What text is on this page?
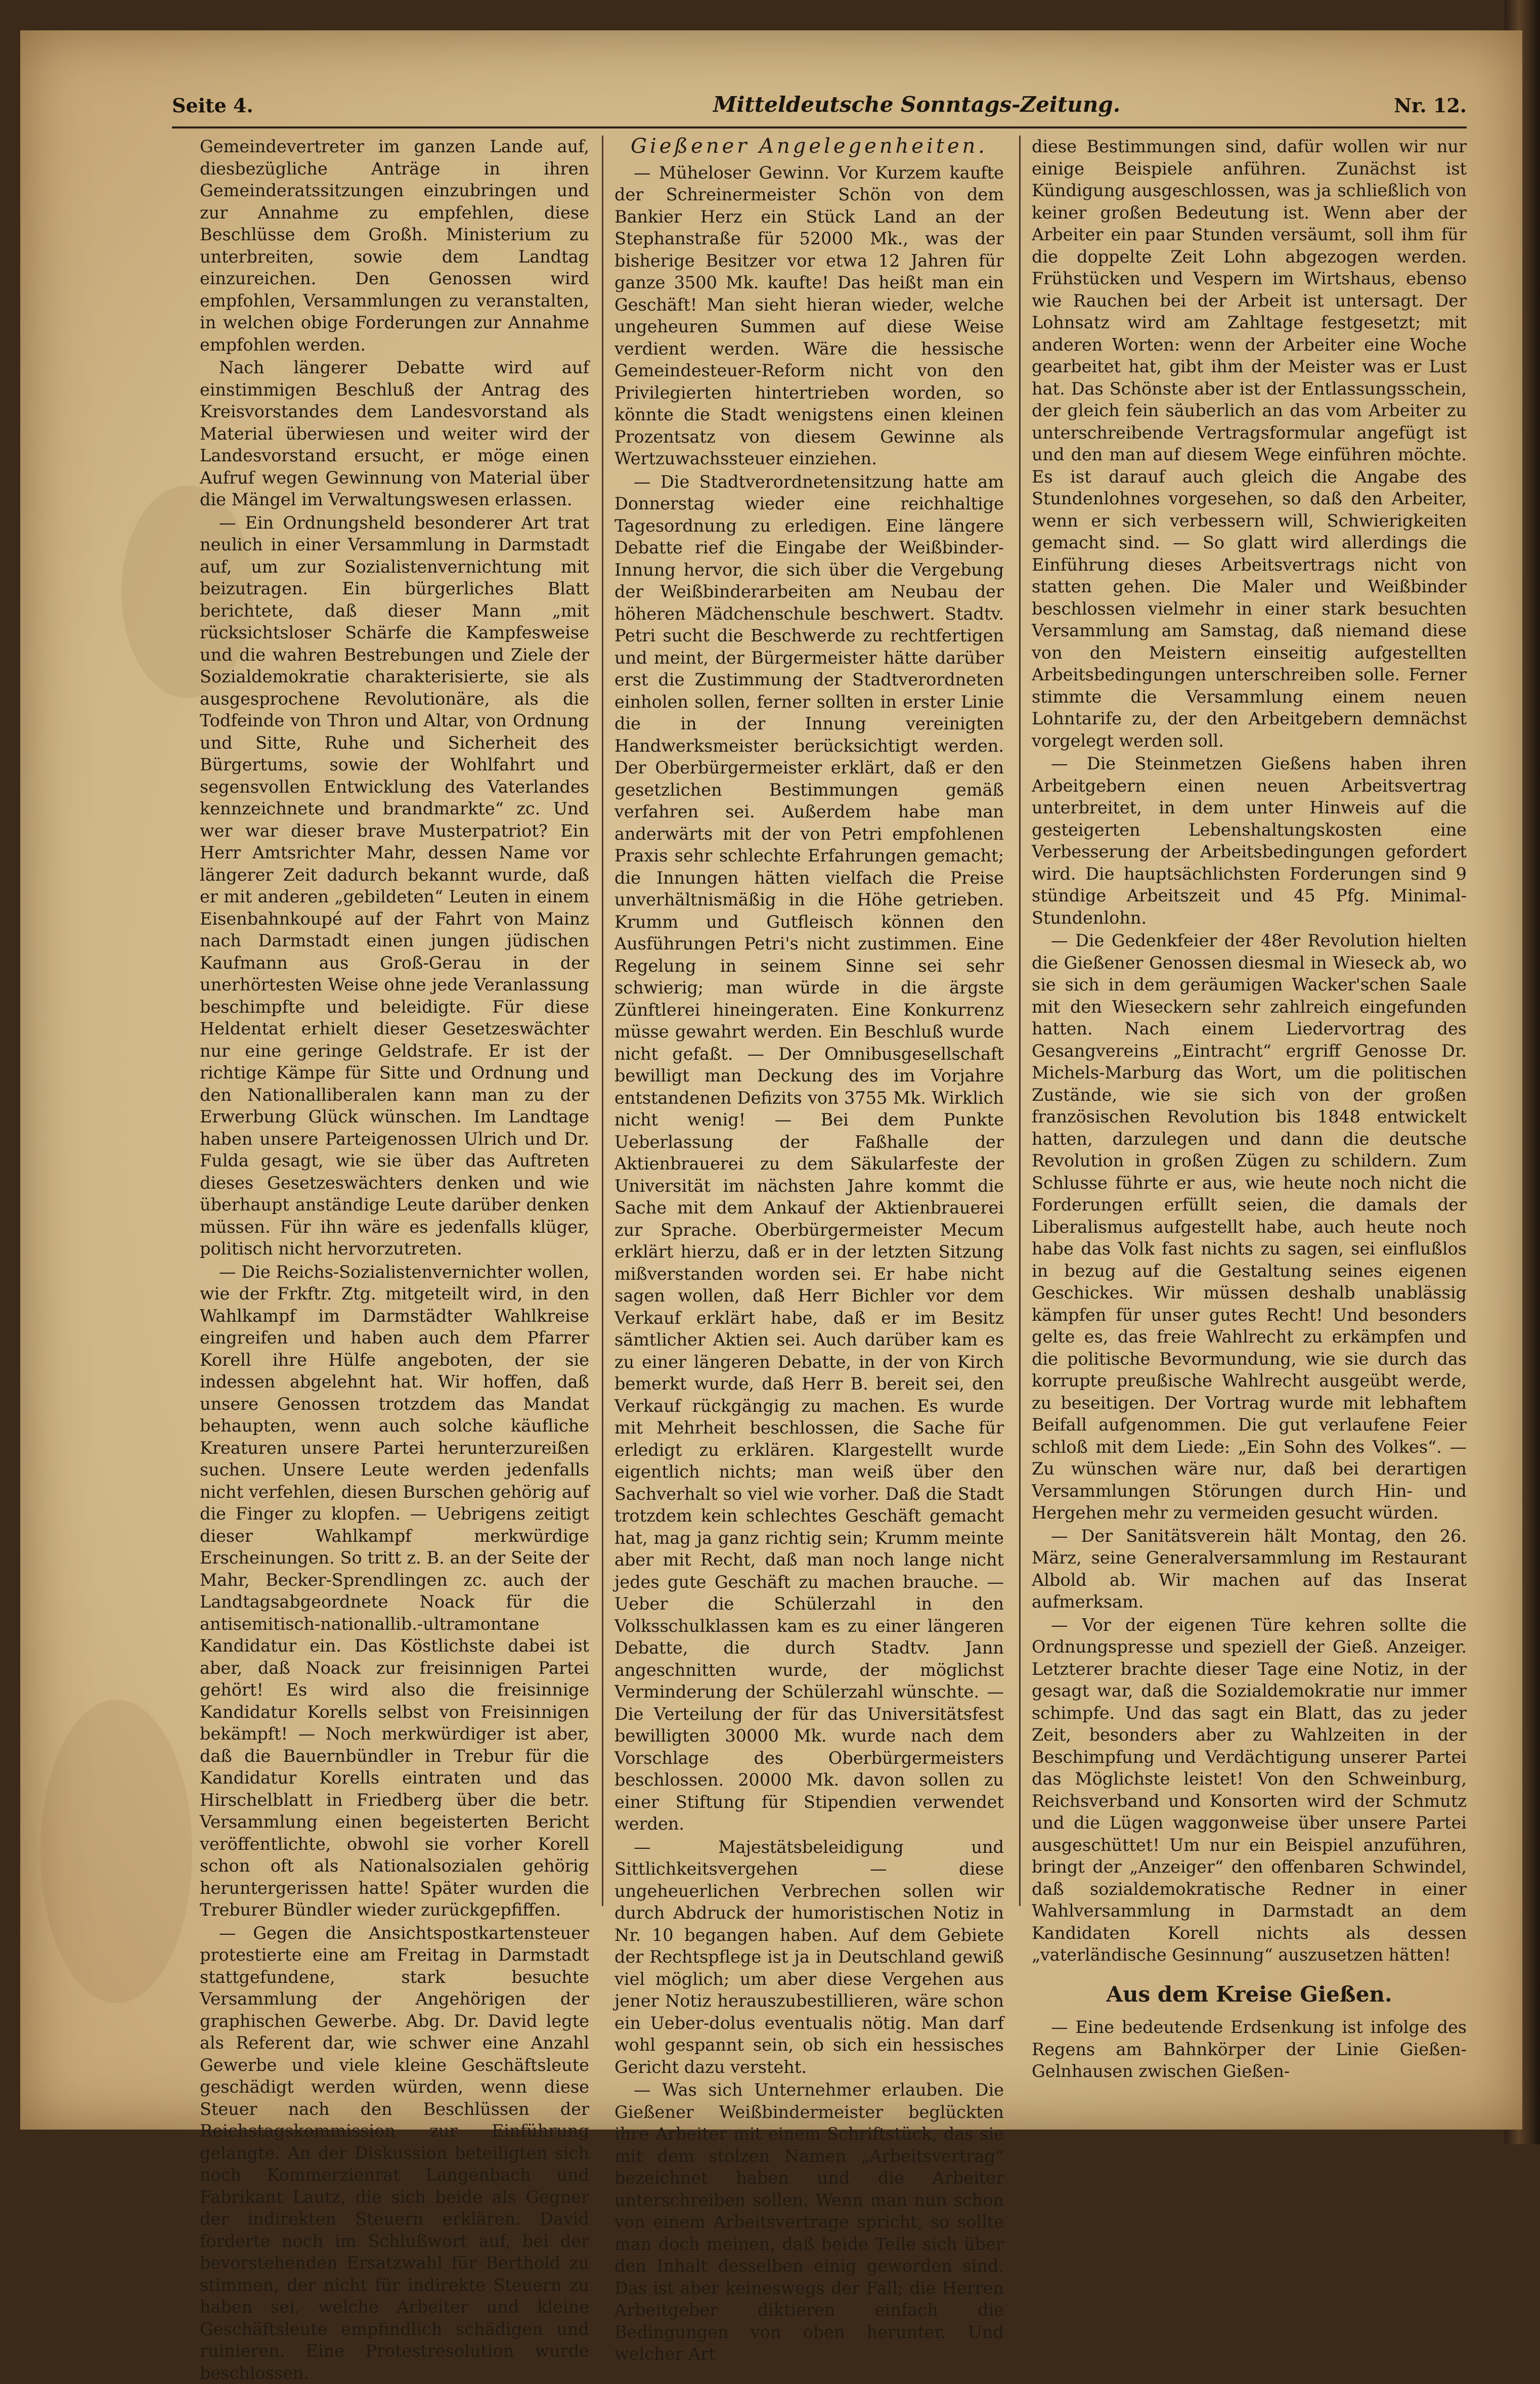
Seite 4.	Mitteldeutsche Sonntags-Zeitung.	Nr. 12.

Gemeindevertreter im ganzen Lande auf, diesbezügliche Anträge in ihren Gemeinderatssitzungen einzubringen und zur Annahme zu empfehlen, diese Beschlüsse dem Großh. Ministerium zu unterbreiten, sowie dem Landtag einzureichen. Den Genossen wird empfohlen, Versammlungen zu veranstalten, in welchen obige Forderungen zur Annahme empfohlen werden.

Nach längerer Debatte wird auf einstimmigen Beschluß der Antrag des Kreisvorstandes dem Landesvorstand als Material überwiesen und weiter wird der Landesvorstand ersucht, er möge einen Aufruf wegen Gewinnung von Material über die Mängel im Verwaltungswesen erlassen.

— Ein Ordnungsheld besonderer Art trat neulich in einer Versammlung in Darmstadt auf, um zur Sozialistenvernichtung mit beizutragen. Ein bürgerliches Blatt berichtete, daß dieser Mann „mit rücksichtsloser Schärfe die Kampfesweise und die wahren Bestrebungen und Ziele der Sozialdemokratie charakterisierte, sie als ausgesprochene Revolutionäre, als die Todfeinde von Thron und Altar, von Ordnung und Sitte, Ruhe und Sicherheit des Bürgertums, sowie der Wohlfahrt und segensvollen Entwicklung des Vaterlandes kennzeichnete und brandmarkte“ zc. Und wer war dieser brave Musterpatriot? Ein Herr Amtsrichter Mahr, dessen Name vor längerer Zeit dadurch bekannt wurde, daß er mit anderen „gebildeten“ Leuten in einem Eisenbahnkoupé auf der Fahrt von Mainz nach Darmstadt einen jungen jüdischen Kaufmann aus Groß-Gerau in der unerhörtesten Weise ohne jede Veranlassung beschimpfte und beleidigte. Für diese Heldentat erhielt dieser Gesetzeswächter nur eine geringe Geldstrafe. Er ist der richtige Kämpe für Sitte und Ordnung und den Nationalliberalen kann man zu der Erwerbung Glück wünschen. Im Landtage haben unsere Parteigenossen Ulrich und Dr. Fulda gesagt, wie sie über das Auftreten dieses Gesetzeswächters denken und wie überhaupt anständige Leute darüber denken müssen. Für ihn wäre es jedenfalls klüger, politisch nicht hervorzutreten.

— Die Reichs-Sozialistenvernichter wollen, wie der Frkftr. Ztg. mitgeteilt wird, in den Wahlkampf im Darmstädter Wahlkreise eingreifen und haben auch dem Pfarrer Korell ihre Hülfe angeboten, der sie indessen abgelehnt hat. Wir hoffen, daß unsere Genossen trotzdem das Mandat behaupten, wenn auch solche käufliche Kreaturen unsere Partei herunterzureißen suchen. Unsere Leute werden jedenfalls nicht verfehlen, diesen Burschen gehörig auf die Finger zu klopfen. — Uebrigens zeitigt dieser Wahlkampf merkwürdige Erscheinungen. So tritt z. B. an der Seite der Mahr, Becker-Sprendlingen zc. auch der Landtagsabgeordnete Noack für die antisemitisch-nationallib.-ultramontane Kandidatur ein. Das Köstlichste dabei ist aber, daß Noack zur freisinnigen Partei gehört! Es wird also die freisinnige Kandidatur Korells selbst von Freisinnigen bekämpft! — Noch merkwürdiger ist aber, daß die Bauernbündler in Trebur für die Kandidatur Korells eintraten und das Hirschelblatt in Friedberg über die betr. Versammlung einen begeisterten Bericht veröffentlichte, obwohl sie vorher Korell schon oft als Nationalsozialen gehörig heruntergerissen hatte! Später wurden die Treburer Bündler wieder zurückgepfiffen.

— Gegen die Ansichtspostkartensteuer protestierte eine am Freitag in Darmstadt stattgefundene, stark besuchte Versammlung der Angehörigen der graphischen Gewerbe. Abg. Dr. David legte als Referent dar, wie schwer eine Anzahl Gewerbe und viele kleine Geschäftsleute geschädigt werden würden, wenn diese Steuer nach den Beschlüssen der Reichstagskommission zur Einführung gelangte. An der Diskussion beteiligten sich noch Kommerzienrat Langenbach und Fabrikant Lautz, die sich beide als Gegner der indirekten Steuern erklären. David forderte noch im Schlußwort auf, bei der bevorstehenden Ersatzwahl für Berthold zu stimmen, der nicht für indirekte Steuern zu haben sei, welche Arbeiter und kleine Geschäftsleute empfindlich schädigen und ruinieren. Eine Protestresolution wurde beschlossen.

Gießener Angelegenheiten.

— Müheloser Gewinn. Vor Kurzem kaufte der Schreinermeister Schön von dem Bankier Herz ein Stück Land an der Stephanstraße für 52000 Mk., was der bisherige Besitzer vor etwa 12 Jahren für ganze 3500 Mk. kaufte! Das heißt man ein Geschäft! Man sieht hieran wieder, welche ungeheuren Summen auf diese Weise verdient werden. Wäre die hessische Gemeindesteuer-Reform nicht von den Privilegierten hintertrieben worden, so könnte die Stadt wenigstens einen kleinen Prozentsatz von diesem Gewinne als Wertzuwachssteuer einziehen.

— Die Stadtverordnetensitzung hatte am Donnerstag wieder eine reichhaltige Tagesordnung zu erledigen. Eine längere Debatte rief die Eingabe der Weißbinder-Innung hervor, die sich über die Vergebung der Weißbinderarbeiten am Neubau der höheren Mädchenschule beschwert. Stadtv. Petri sucht die Beschwerde zu rechtfertigen und meint, der Bürgermeister hätte darüber erst die Zustimmung der Stadtverordneten einholen sollen, ferner sollten in erster Linie die in der Innung vereinigten Handwerksmeister berücksichtigt werden. Der Oberbürgermeister erklärt, daß er den gesetzlichen Bestimmungen gemäß verfahren sei. Außerdem habe man anderwärts mit der von Petri empfohlenen Praxis sehr schlechte Erfahrungen gemacht; die Innungen hätten vielfach die Preise unverhältnismäßig in die Höhe getrieben. Krumm und Gutfleisch können den Ausführungen Petri's nicht zustimmen. Eine Regelung in seinem Sinne sei sehr schwierig; man würde in die ärgste Zünftlerei hineingeraten. Eine Konkurrenz müsse gewahrt werden. Ein Beschluß wurde nicht gefaßt. — Der Omnibusgesellschaft bewilligt man Deckung des im Vorjahre entstandenen Defizits von 3755 Mk. Wirklich nicht wenig! — Bei dem Punkte Ueberlassung der Faßhalle der Aktienbrauerei zu dem Säkularfeste der Universität im nächsten Jahre kommt die Sache mit dem Ankauf der Aktienbrauerei zur Sprache. Oberbürgermeister Mecum erklärt hierzu, daß er in der letzten Sitzung mißverstanden worden sei. Er habe nicht sagen wollen, daß Herr Bichler vor dem Verkauf erklärt habe, daß er im Besitz sämtlicher Aktien sei. Auch darüber kam es zu einer längeren Debatte, in der von Kirch bemerkt wurde, daß Herr B. bereit sei, den Verkauf rückgängig zu machen. Es wurde mit Mehrheit beschlossen, die Sache für erledigt zu erklären. Klargestellt wurde eigentlich nichts; man weiß über den Sachverhalt so viel wie vorher. Daß die Stadt trotzdem kein schlechtes Geschäft gemacht hat, mag ja ganz richtig sein; Krumm meinte aber mit Recht, daß man noch lange nicht jedes gute Geschäft zu machen brauche. — Ueber die Schülerzahl in den Volksschulklassen kam es zu einer längeren Debatte, die durch Stadtv. Jann angeschnitten wurde, der möglichst Verminderung der Schülerzahl wünschte. — Die Verteilung der für das Universitätsfest bewilligten 30000 Mk. wurde nach dem Vorschlage des Oberbürgermeisters beschlossen. 20000 Mk. davon sollen zu einer Stiftung für Stipendien verwendet werden.

— Majestätsbeleidigung und Sittlichkeitsvergehen — diese ungeheuerlichen Verbrechen sollen wir durch Abdruck der humoristischen Notiz in Nr. 10 begangen haben. Auf dem Gebiete der Rechtspflege ist ja in Deutschland gewiß viel möglich; um aber diese Vergehen aus jener Notiz herauszubestillieren, wäre schon ein Ueber-dolus eventualis nötig. Man darf wohl gespannt sein, ob sich ein hessisches Gericht dazu versteht.

— Was sich Unternehmer erlauben. Die Gießener Weißbindermeister beglückten ihre Arbeiter mit einem Schriftstück, das sie mit dem stolzen Namen „Arbeitsvertrag“ bezeichnet haben und die Arbeiter unterschreiben sollen. Wenn man nun schon von einem Arbeitsvertrage spricht, so sollte man doch meinen, daß beide Teile sich über den Inhalt desselben einig geworden sind. Das ist aber keineswegs der Fall; die Herren Arbeitgeber diktieren einfach die Bedingungen von oben herunter. Und welcher Art

diese Bestimmungen sind, dafür wollen wir nur einige Beispiele anführen. Zunächst ist Kündigung ausgeschlossen, was ja schließlich von keiner großen Bedeutung ist. Wenn aber der Arbeiter ein paar Stunden versäumt, soll ihm für die doppelte Zeit Lohn abgezogen werden. Frühstücken und Vespern im Wirtshaus, ebenso wie Rauchen bei der Arbeit ist untersagt. Der Lohnsatz wird am Zahltage festgesetzt; mit anderen Worten: wenn der Arbeiter eine Woche gearbeitet hat, gibt ihm der Meister was er Lust hat. Das Schönste aber ist der Entlassungsschein, der gleich fein säuberlich an das vom Arbeiter zu unterschreibende Vertragsformular angefügt ist und den man auf diesem Wege einführen möchte. Es ist darauf auch gleich die Angabe des Stundenlohnes vorgesehen, so daß den Arbeiter, wenn er sich verbessern will, Schwierigkeiten gemacht sind. — So glatt wird allerdings die Einführung dieses Arbeitsvertrags nicht von statten gehen. Die Maler und Weißbinder beschlossen vielmehr in einer stark besuchten Versammlung am Samstag, daß niemand diese von den Meistern einseitig aufgestellten Arbeitsbedingungen unterschreiben solle. Ferner stimmte die Versammlung einem neuen Lohntarife zu, der den Arbeitgebern demnächst vorgelegt werden soll.

— Die Steinmetzen Gießens haben ihren Arbeitgebern einen neuen Arbeitsvertrag unterbreitet, in dem unter Hinweis auf die gesteigerten Lebenshaltungskosten eine Verbesserung der Arbeitsbedingungen gefordert wird. Die hauptsächlichsten Forderungen sind 9 stündige Arbeitszeit und 45 Pfg. Minimal-Stundenlohn.

— Die Gedenkfeier der 48er Revolution hielten die Gießener Genossen diesmal in Wieseck ab, wo sie sich in dem geräumigen Wacker'schen Saale mit den Wieseckern sehr zahlreich eingefunden hatten. Nach einem Liedervortrag des Gesangvereins „Eintracht“ ergriff Genosse Dr. Michels-Marburg das Wort, um die politischen Zustände, wie sie sich von der großen französischen Revolution bis 1848 entwickelt hatten, darzulegen und dann die deutsche Revolution in großen Zügen zu schildern. Zum Schlusse führte er aus, wie heute noch nicht die Forderungen erfüllt seien, die damals der Liberalismus aufgestellt habe, auch heute noch habe das Volk fast nichts zu sagen, sei einflußlos in bezug auf die Gestaltung seines eigenen Geschickes. Wir müssen deshalb unablässig kämpfen für unser gutes Recht! Und besonders gelte es, das freie Wahlrecht zu erkämpfen und die politische Bevormundung, wie sie durch das korrupte preußische Wahlrecht ausgeübt werde, zu beseitigen. Der Vortrag wurde mit lebhaftem Beifall aufgenommen. Die gut verlaufene Feier schloß mit dem Liede: „Ein Sohn des Volkes“. — Zu wünschen wäre nur, daß bei derartigen Versammlungen Störungen durch Hin- und Hergehen mehr zu vermeiden gesucht würden.

— Der Sanitätsverein hält Montag, den 26. März, seine Generalversammlung im Restaurant Albold ab. Wir machen auf das Inserat aufmerksam.

— Vor der eigenen Türe kehren sollte die Ordnungspresse und speziell der Gieß. Anzeiger. Letzterer brachte dieser Tage eine Notiz, in der gesagt war, daß die Sozialdemokratie nur immer schimpfe. Und das sagt ein Blatt, das zu jeder Zeit, besonders aber zu Wahlzeiten in der Beschimpfung und Verdächtigung unserer Partei das Möglichste leistet! Von den Schweinburg, Reichsverband und Konsorten wird der Schmutz und die Lügen waggonweise über unsere Partei ausgeschüttet! Um nur ein Beispiel anzuführen, bringt der „Anzeiger“ den offenbaren Schwindel, daß sozialdemokratische Redner in einer Wahlversammlung in Darmstadt an dem Kandidaten Korell nichts als dessen „vaterländische Gesinnung“ auszusetzen hätten!

Aus dem Kreise Gießen.

— Eine bedeutende Erdsenkung ist infolge des Regens am Bahnkörper der Linie Gießen-Gelnhausen zwischen Gießen-
